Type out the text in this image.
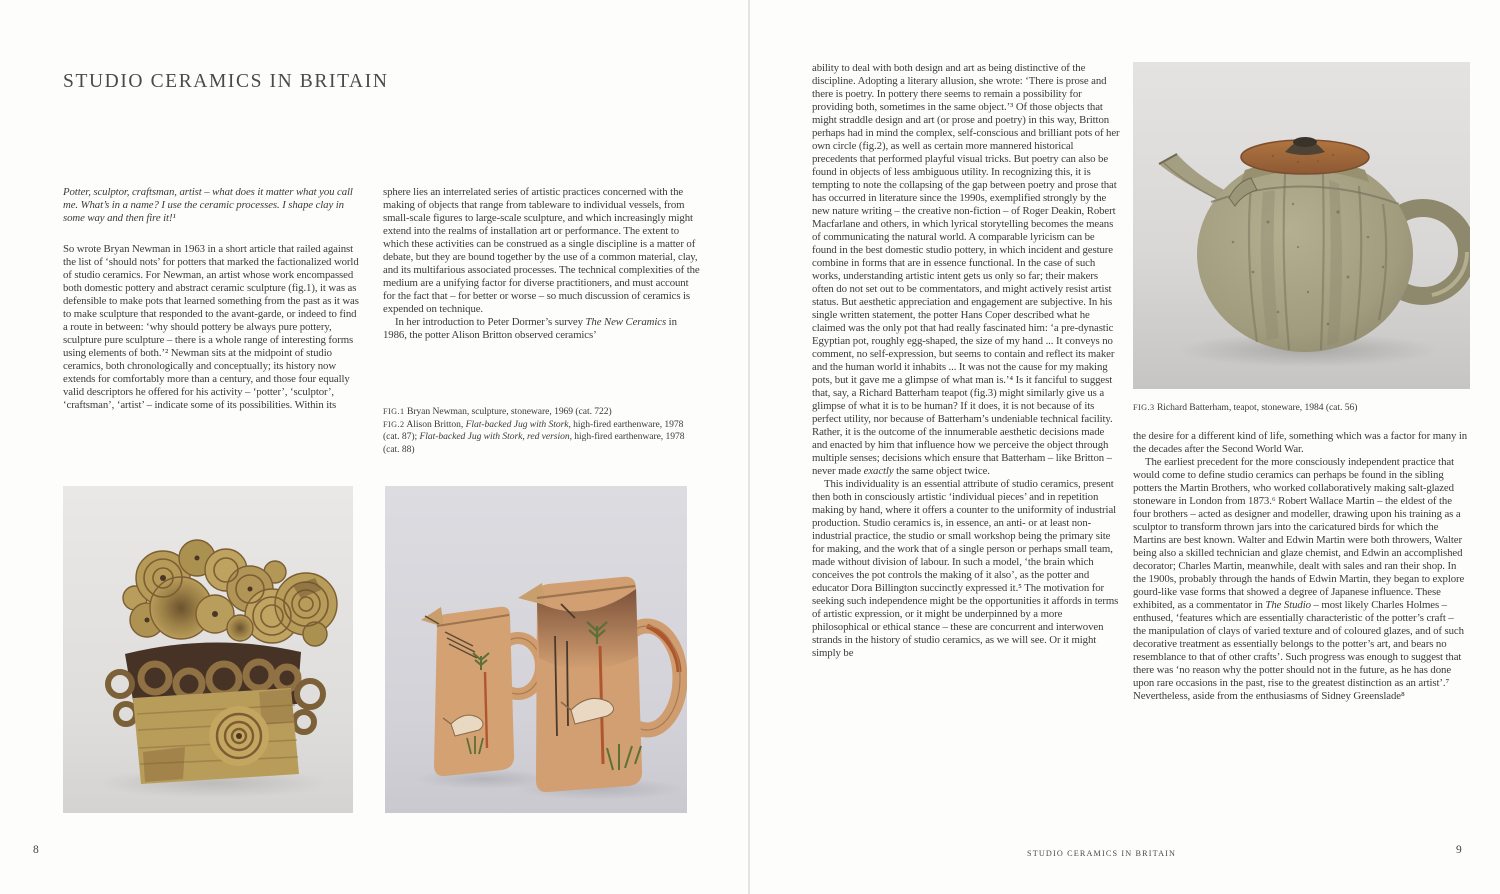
STUDIO CERAMICS IN BRITAIN

Potter, sculptor, craftsman, artist – what does it matter what you call me. What’s in a name? I use the ceramic processes. I shape clay in some way and then fire it!¹

So wrote Bryan Newman in 1963 in a short article that railed against the list of ‘should nots’ for potters that marked the factionalized world of studio ceramics. For Newman, an artist whose work encompassed both domestic pottery and abstract ceramic sculpture (fig.1), it was as defensible to make pots that learned something from the past as it was to make sculpture that responded to the avant-garde, or indeed to find a route in between: ‘why should pottery be always pure pottery, sculpture pure sculpture – there is a whole range of interesting forms using elements of both.’² Newman sits at the midpoint of studio ceramics, both chronologically and conceptually; its history now extends for comfortably more than a century, and those four equally valid descriptors he offered for his activity – ‘potter’, ‘sculptor’, ‘craftsman’, ‘artist’ – indicate some of its possibilities. Within its

sphere lies an interrelated series of artistic practices concerned with the making of objects that range from tableware to individual vessels, from small-scale figures to large-scale sculpture, and which increasingly might extend into the realms of installation art or performance. The extent to which these activities can be construed as a single discipline is a matter of debate, but they are bound together by the use of a common material, clay, and its multifarious associated processes. The technical complexities of the medium are a unifying factor for diverse practitioners, and must account for the fact that – for better or worse – so much discussion of ceramics is expended on technique.

In her introduction to Peter Dormer’s survey The New Ceramics in 1986, the potter Alison Britton observed ceramics’

FIG.1 Bryan Newman, sculpture, stoneware, 1969 (cat. 722)

FIG.2 Alison Britton, Flat-backed Jug with Stork, high-fired earthenware, 1978 (cat. 87); Flat-backed Jug with Stork, red version, high-fired earthenware, 1978 (cat. 88)

8

FIG.3 Richard Batterham, teapot, stoneware, 1984 (cat. 56)

ability to deal with both design and art as being distinctive of the discipline. Adopting a literary allusion, she wrote: ‘There is prose and there is poetry. In pottery there seems to remain a possibility for providing both, sometimes in the same object.’³ Of those objects that might straddle design and art (or prose and poetry) in this way, Britton perhaps had in mind the complex, self-conscious and brilliant pots of her own circle (fig.2), as well as certain more mannered historical precedents that performed playful visual tricks. But poetry can also be found in objects of less ambiguous utility. In recognizing this, it is tempting to note the collapsing of the gap between poetry and prose that has occurred in literature since the 1990s, exemplified strongly by the new nature writing – the creative non-fiction – of Roger Deakin, Robert Macfarlane and others, in which lyrical storytelling becomes the means of communicating the natural world. A comparable lyricism can be found in the best domestic studio pottery, in which incident and gesture combine in forms that are in essence functional. In the case of such works, understanding artistic intent gets us only so far; their makers often do not set out to be commentators, and might actively resist artist status. But aesthetic appreciation and engagement are subjective. In his single written statement, the potter Hans Coper described what he claimed was the only pot that had really fascinated him: ‘a pre-dynastic Egyptian pot, roughly egg-shaped, the size of my hand ... It conveys no comment, no self-expression, but seems to contain and reflect its maker and the human world it inhabits ... It was not the cause for my making pots, but it gave me a glimpse of what man is.’⁴ Is it fanciful to suggest that, say, a Richard Batterham teapot (fig.3) might similarly give us a glimpse of what it is to be human? If it does, it is not because of its perfect utility, nor because of Batterham’s undeniable technical facility. Rather, it is the outcome of the innumerable aesthetic decisions made and enacted by him that influence how we perceive the object through multiple senses; decisions which ensure that Batterham – like Britton – never made exactly the same object twice.

This individuality is an essential attribute of studio ceramics, present then both in consciously artistic ‘individual pieces’ and in repetition making by hand, where it offers a counter to the uniformity of industrial production. Studio ceramics is, in essence, an anti- or at least non-industrial practice, the studio or small workshop being the primary site for making, and the work that of a single person or perhaps small team, made without division of labour. In such a model, ‘the brain which conceives the pot controls the making of it also’, as the potter and educator Dora Billington succinctly expressed it.⁵ The motivation for seeking such independence might be the opportunities it affords in terms of artistic expression, or it might be underpinned by a more philosophical or ethical stance – these are concurrent and interwoven strands in the history of studio ceramics, as we will see. Or it might simply be

the desire for a different kind of life, something which was a factor for many in the decades after the Second World War.

The earliest precedent for the more consciously independent practice that would come to define studio ceramics can perhaps be found in the sibling potters the Martin Brothers, who worked collaboratively making salt-glazed stoneware in London from 1873.⁶ Robert Wallace Martin – the eldest of the four brothers – acted as designer and modeller, drawing upon his training as a sculptor to transform thrown jars into the caricatured birds for which the Martins are best known. Walter and Edwin Martin were both throwers, Walter being also a skilled technician and glaze chemist, and Edwin an accomplished decorator; Charles Martin, meanwhile, dealt with sales and ran their shop. In the 1900s, probably through the hands of Edwin Martin, they began to explore gourd-like vase forms that showed a degree of Japanese influence. These exhibited, as a commentator in The Studio – most likely Charles Holmes – enthused, ‘features which are essentially characteristic of the potter’s craft – the manipulation of clays of varied texture and of coloured glazes, and of such decorative treatment as essentially belongs to the potter’s art, and bears no resemblance to that of other crafts’. Such progress was enough to suggest that there was ‘no reason why the potter should not in the future, as he has done upon rare occasions in the past, rise to the greatest distinction as an artist’.⁷ Nevertheless, aside from the enthusiasms of Sidney Greenslade⁸

STUDIO CERAMICS IN BRITAIN	9
